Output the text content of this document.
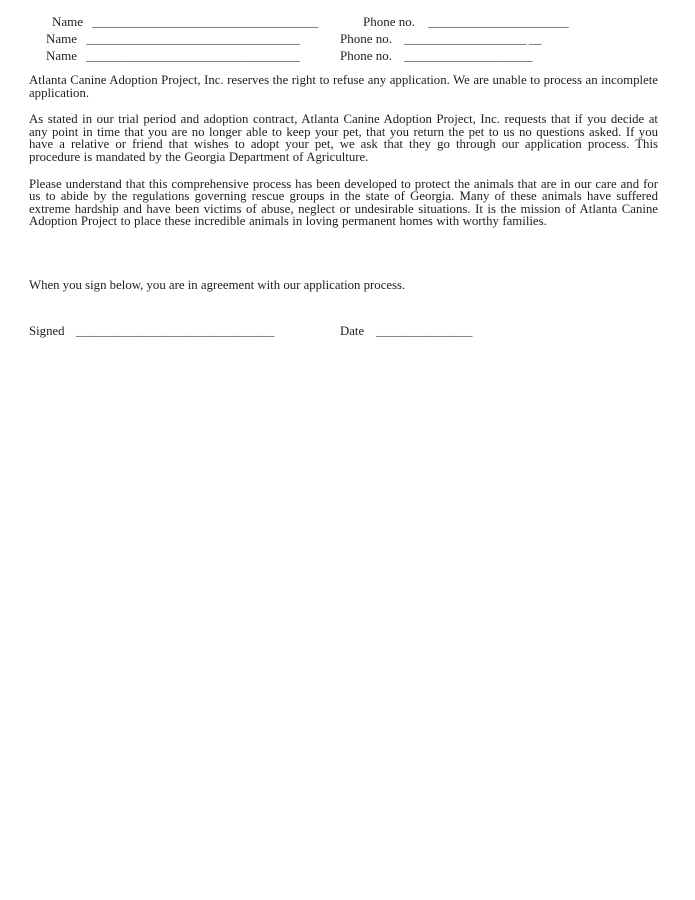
Name _____________________________________	Phone no. _______________________
Name ___________________________________	Phone no. ____________________ __
Name ___________________________________	Phone no. _____________________

Atlanta Canine Adoption Project, Inc. reserves the right to refuse any application. We are unable to process an incomplete application.

As stated in our trial period and adoption contract, Atlanta Canine Adoption Project, Inc. requests that if you decide at any point in time that you are no longer able to keep your pet, that you return the pet to us no questions asked. If you have a relative or friend that wishes to adopt your pet, we ask that they go through our application process. This procedure is mandated by the Georgia Department of Agriculture.

Please understand that this comprehensive process has been developed to protect the animals that are in our care and for us to abide by the regulations governing rescue groups in the state of Georgia. Many of these animals have suffered extreme hardship and have been victims of abuse, neglect or undesirable situations. It is the mission of Atlanta Canine Adoption Project to place these incredible animals in loving permanent homes with worthy families.

When you sign below, you are in agreement with our application process.
Signed _________________________________	Date ________________
